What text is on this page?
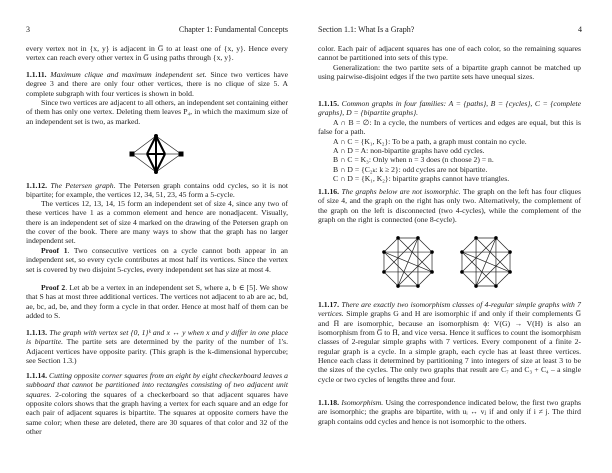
3	Chapter 1: Fundamental Concepts

every vertex not in {x, y} is adjacent in G̅ to at least one of {x, y}. Hence every vertex can reach every other vertex in G̅ using paths through {x, y}.

1.1.11. Maximum clique and maximum independent set. Since two vertices have degree 3 and there are only four other vertices, there is no clique of size 5. A complete subgraph with four vertices is shown in bold.

Since two vertices are adjacent to all others, an independent set containing either of them has only one vertex. Deleting them leaves P₄, in which the maximum size of an independent set is two, as marked.

1.1.12. The Petersen graph. The Petersen graph contains odd cycles, so it is not bipartite; for example, the vertices 12, 34, 51, 23, 45 form a 5-cycle.

The vertices 12, 13, 14, 15 form an independent set of size 4, since any two of these vertices have 1 as a common element and hence are nonadjacent. Visually, there is an independent set of size 4 marked on the drawing of the Petersen graph on the cover of the book. There are many ways to show that the graph has no larger independent set.

Proof 1. Two consecutive vertices on a cycle cannot both appear in an independent set, so every cycle contributes at most half its vertices. Since the vertex set is covered by two disjoint 5-cycles, every independent set has size at most 4.

Proof 2. Let ab be a vertex in an independent set S, where a, b ∈ [5]. We show that S has at most three additional vertices. The vertices not adjacent to ab are ac, bd, ae, bc, ad, be, and they form a cycle in that order. Hence at most half of them can be added to S.

1.1.13. The graph with vertex set {0, 1}ᵏ and x ↔ y when x and y differ in one place is bipartite. The partite sets are determined by the parity of the number of 1's. Adjacent vertices have opposite parity. (This graph is the k-dimensional hypercube; see Section 1.3.)

1.1.14. Cutting opposite corner squares from an eight by eight checkerboard leaves a subboard that cannot be partitioned into rectangles consisting of two adjacent unit squares. 2-coloring the squares of a checkerboard so that adjacent squares have opposite colors shows that the graph having a vertex for each square and an edge for each pair of adjacent squares is bipartite. The squares at opposite corners have the same color; when these are deleted, there are 30 squares of that color and 32 of the other

Section 1.1: What Is a Graph?	4

color. Each pair of adjacent squares has one of each color, so the remaining squares cannot be partitioned into sets of this type.

Generalization: the two partite sets of a bipartite graph cannot be matched up using pairwise-disjoint edges if the two partite sets have unequal sizes.

1.1.15. Common graphs in four families: A = {paths}, B = {cycles}, C = {complete graphs}, D = {bipartite graphs}.

A ∩ B = ∅: In a cycle, the numbers of vertices and edges are equal, but this is false for a path.
A ∩ C = {K₁, K₂}: To be a path, a graph must contain no cycle.
A ∩ D = A: non-bipartite graphs have odd cycles.
B ∩ C = K₃: Only when n = 3 does (n choose 2) = n.
B ∩ D = {C₂ₖ: k ≥ 2}: odd cycles are not bipartite.
C ∩ D = {K₁, K₂}: bipartite graphs cannot have triangles.

1.1.16. The graphs below are not isomorphic. The graph on the left has four cliques of size 4, and the graph on the right has only two. Alternatively, the complement of the graph on the left is disconnected (two 4-cycles), while the complement of the graph on the right is connected (one 8-cycle).

1.1.17. There are exactly two isomorphism classes of 4-regular simple graphs with 7 vertices. Simple graphs G and H are isomorphic if and only if their complements G̅ and H̅ are isomorphic, because an isomorphism ϕ: V(G) → V(H) is also an isomorphism from G̅ to H̅, and vice versa. Hence it suffices to count the isomorphism classes of 2-regular simple graphs with 7 vertices. Every component of a finite 2-regular graph is a cycle. In a simple graph, each cycle has at least three vertices. Hence each class it determined by partitioning 7 into integers of size at least 3 to be the sizes of the cycles. The only two graphs that result are C₇ and C₃ + C₄ – a single cycle or two cycles of lengths three and four.

1.1.18. Isomorphism. Using the correspondence indicated below, the first two graphs are isomorphic; the graphs are bipartite, with uᵢ ↔ vⱼ if and only if i ≠ j. The third graph contains odd cycles and hence is not isomorphic to the others.
